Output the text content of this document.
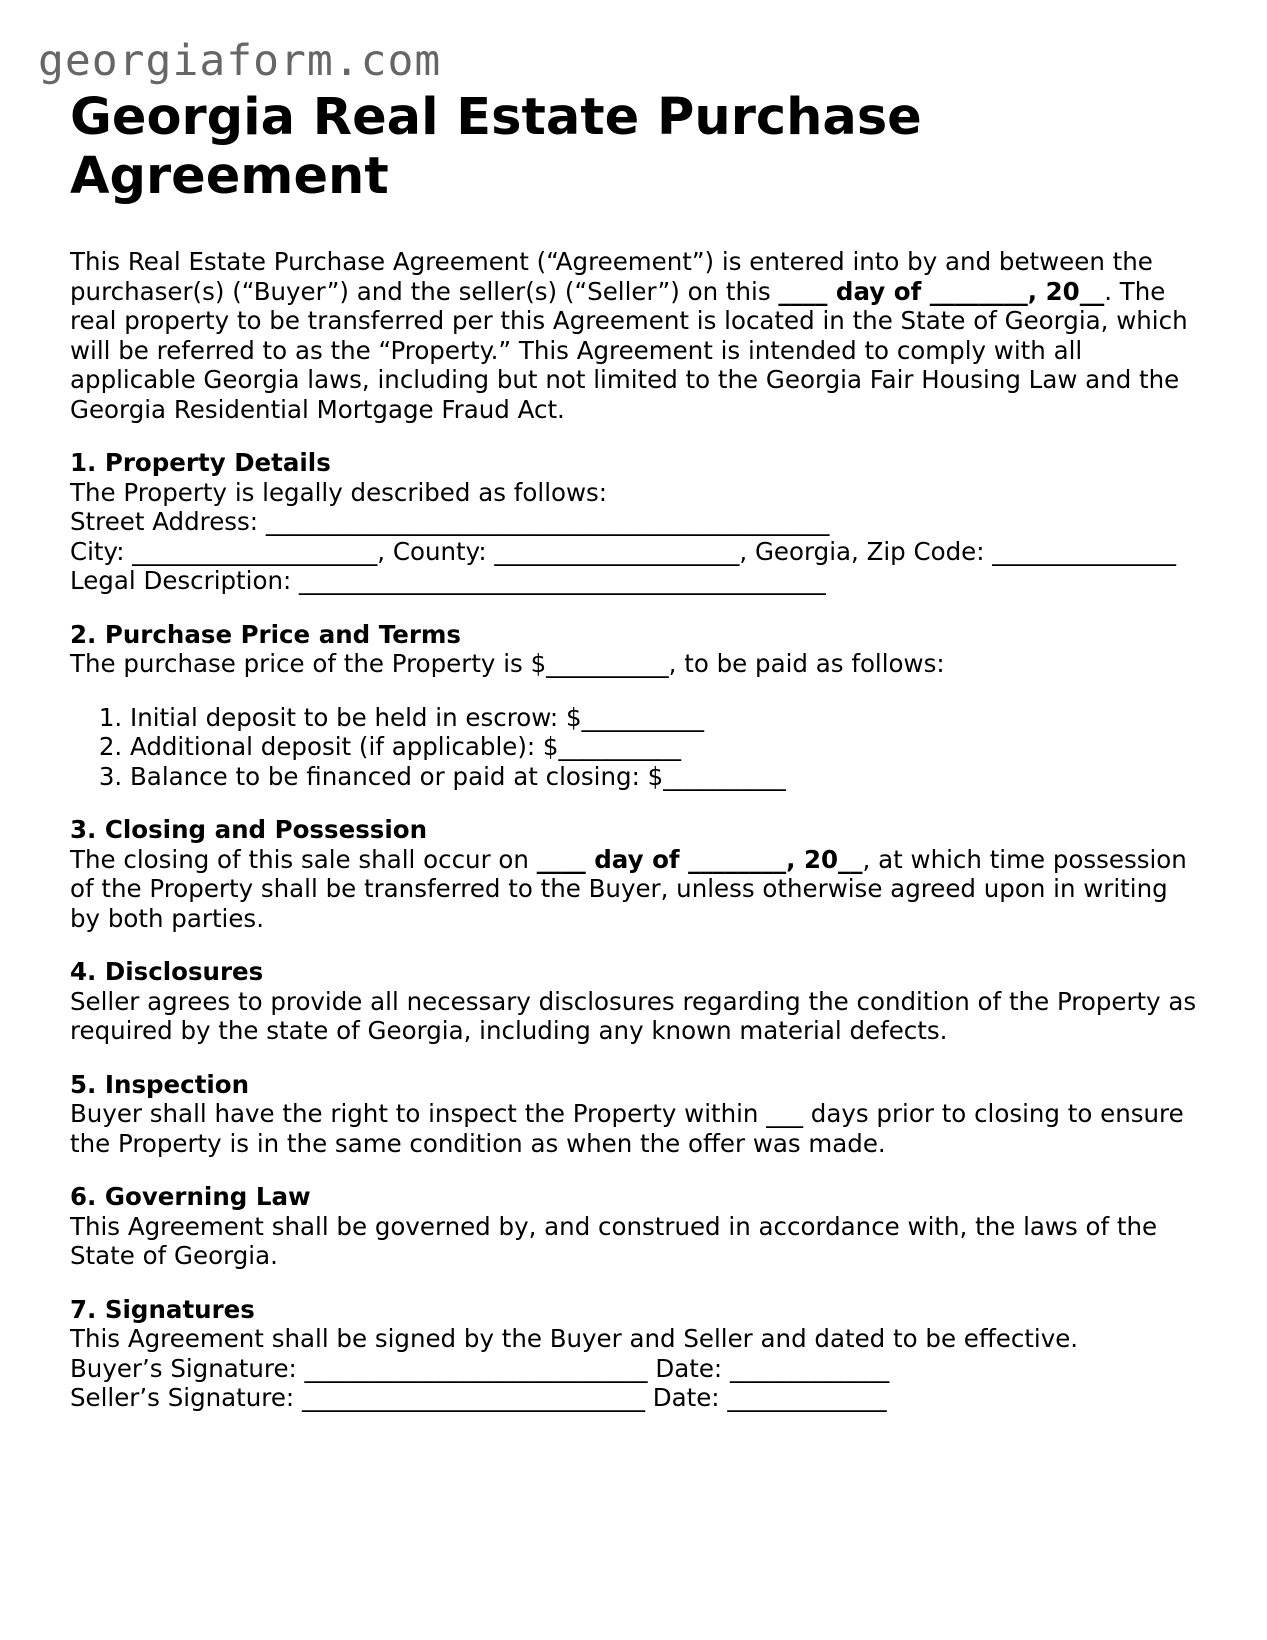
georgiaform.com
Georgia Real Estate Purchase Agreement

This Real Estate Purchase Agreement (“Agreement”) is entered into by and between the purchaser(s) (“Buyer”) and the seller(s) (“Seller”) on this ____ day of ________, 20__. The real property to be transferred per this Agreement is located in the State of Georgia, which will be referred to as the “Property.” This Agreement is intended to comply with all applicable Georgia laws, including but not limited to the Georgia Fair Housing Law and the Georgia Residential Mortgage Fraud Act.

1. Property Details

The Property is legally described as follows:

Street Address: ______________________________________________

City: ____________________, County: ____________________, Georgia, Zip Code: _______________

Legal Description: ___________________________________________

2. Purchase Price and Terms

The purchase price of the Property is $__________, to be paid as follows:

1. Initial deposit to be held in escrow: $__________
2. Additional deposit (if applicable): $__________
3. Balance to be financed or paid at closing: $__________
3. Closing and Possession

The closing of this sale shall occur on ____ day of ________, 20__, at which time possession of the Property shall be transferred to the Buyer, unless otherwise agreed upon in writing by both parties.

4. Disclosures

Seller agrees to provide all necessary disclosures regarding the condition of the Property as required by the state of Georgia, including any known material defects.

5. Inspection

Buyer shall have the right to inspect the Property within ___ days prior to closing to ensure the Property is in the same condition as when the offer was made.

6. Governing Law

This Agreement shall be governed by, and construed in accordance with, the laws of the State of Georgia.

7. Signatures

This Agreement shall be signed by the Buyer and Seller and dated to be effective.

Buyer’s Signature: ____________________________ Date: _____________

Seller’s Signature: ____________________________ Date: _____________
